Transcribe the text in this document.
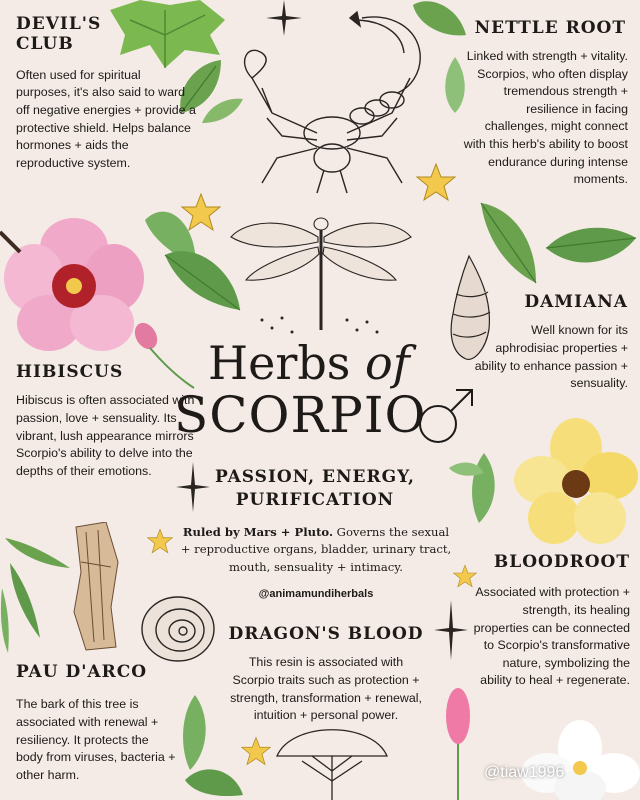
DEVIL'S
CLUB

Often used for spiritual purposes, it's also said to ward off negative energies + provide a protective shield. Helps balance hormones + aids the reproductive system.

NETTLE ROOT

Linked with strength + vitality. Scorpios, who often display tremendous strength + resilience in facing challenges, might connect with this herb's ability to boost endurance during intense moments.

DAMIANA

Well known for its aphrodisiac properties + ability to enhance passion + sensuality.

HIBISCUS

Hibiscus is often associated with passion, love + sensuality. Its vibrant, lush appearance mirrors Scorpio's ability to delve into the depths of their emotions.

Herbs of
SCORPIO
PASSION, ENERGY,
PURIFICATION

Ruled by Mars + Pluto. Governs the sexual + reproductive organs, bladder, urinary tract, mouth, sensuality + intimacy.

@animamundiherbals
BLOODROOT

Associated with protection + strength, its healing properties can be connected to Scorpio's transformative nature, symbolizing the ability to heal + regenerate.

DRAGON'S BLOOD

This resin is associated with Scorpio traits such as protection + strength, transformation + renewal, intuition + personal power.

PAU D'ARCO

The bark of this tree is associated with renewal + resiliency. It protects the body from viruses, bacteria + other harm.	@tiaw1996
